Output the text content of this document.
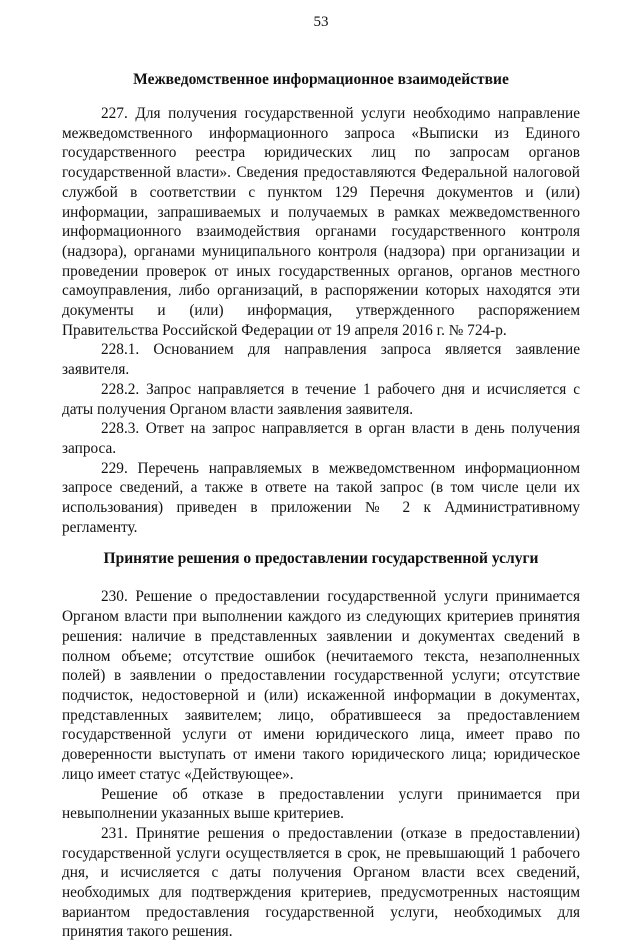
53
Межведомственное информационное взаимодействие

227. Для получения государственной услуги необходимо направление межведомственного информационного запроса «Выписки из Единого государственного реестра юридических лиц по запросам органов государственной власти». Сведения предоставляются Федеральной налоговой службой в соответствии с пунктом 129 Перечня документов и (или) информации, запрашиваемых и получаемых в рамках межведомственного информационного взаимодействия органами государственного контроля (надзора), органами муниципального контроля (надзора) при организации и проведении проверок от иных государственных органов, органов местного самоуправления, либо организаций, в распоряжении которых находятся эти документы и (или) информация, утвержденного распоряжением Правительства Российской Федерации от 19 апреля 2016 г. № 724-р.

228.1. Основанием для направления запроса является заявление заявителя.

228.2. Запрос направляется в течение 1 рабочего дня и исчисляется с даты получения Органом власти заявления заявителя.

228.3. Ответ на запрос направляется в орган власти в день получения запроса.

229. Перечень направляемых в межведомственном информационном запросе сведений, а также в ответе на такой запрос (в том числе цели их использования) приведен в приложении № 2 к Административному регламенту.

Принятие решения о предоставлении государственной услуги

230. Решение о предоставлении государственной услуги принимается Органом власти при выполнении каждого из следующих критериев принятия решения: наличие в представленных заявлении и документах сведений в полном объеме; отсутствие ошибок (нечитаемого текста, незаполненных полей) в заявлении о предоставлении государственной услуги; отсутствие подчисток, недостоверной и (или) искаженной информации в документах, представленных заявителем; лицо, обратившееся за предоставлением государственной услуги от имени юридического лица, имеет право по доверенности выступать от имени такого юридического лица; юридическое лицо имеет статус «Действующее».

Решение об отказе в предоставлении услуги принимается при невыполнении указанных выше критериев.

231. Принятие решения о предоставлении (отказе в предоставлении) государственной услуги осуществляется в срок, не превышающий 1 рабочего дня, и исчисляется с даты получения Органом власти всех сведений, необходимых для подтверждения критериев, предусмотренных настоящим вариантом предоставления государственной услуги, необходимых для принятия такого решения.
